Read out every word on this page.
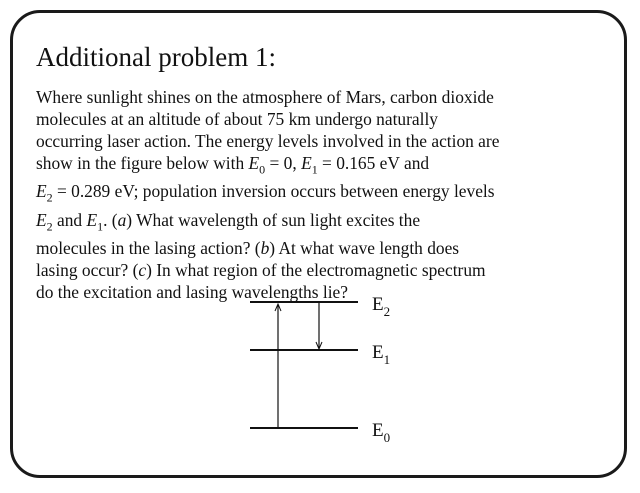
Additional problem 1:
Where sunlight shines on the atmosphere of Mars, carbon dioxide
molecules at an altitude of about 75 km undergo naturally
occurring laser action. The energy levels involved in the action are
show in the figure below with $E_0 = 0$, $E_1 = 0.165$ eV and
$E_2 = 0.289$ eV; population inversion occurs between energy levels
$E_2$ and $E_1$. (a) What wavelength of sun light excites the
molecules in the lasing action? (b) At what wave length does
lasing occur? (c) In what region of the electromagnetic spectrum
do the excitation and lasing wavelengths lie?
$E_2$
$E_1$
$E_0$
